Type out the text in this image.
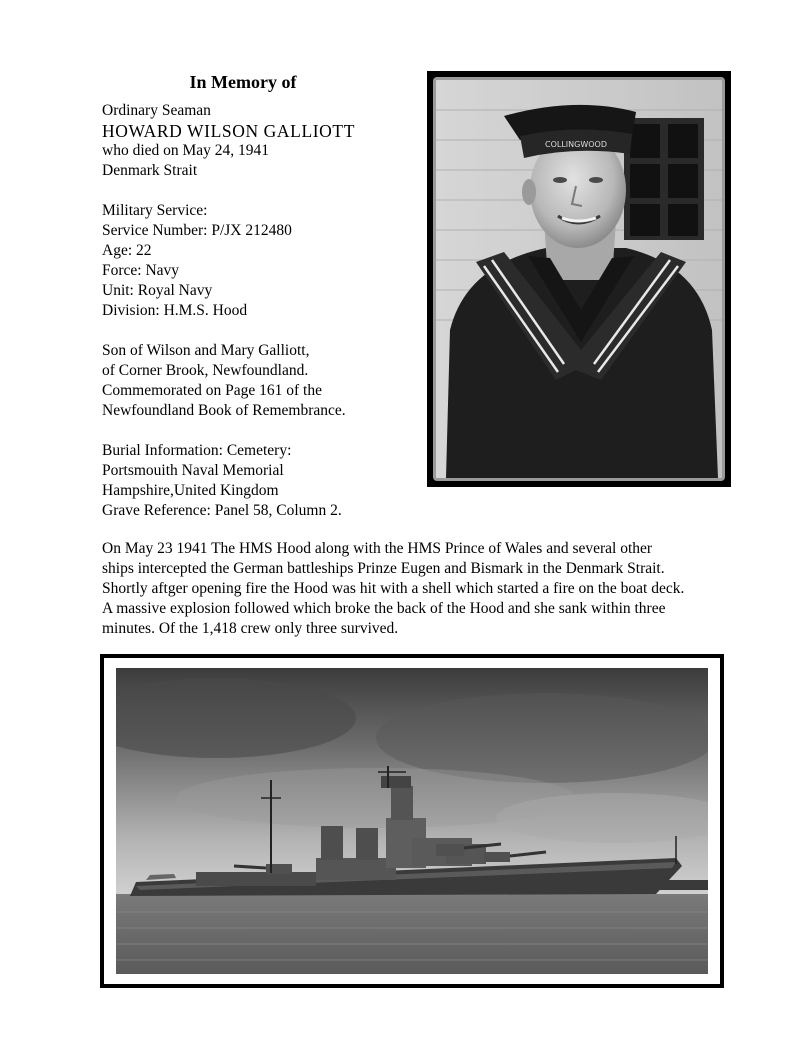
In Memory of
Ordinary Seaman
HOWARD WILSON GALLIOTT
who died on May 24, 1941
Denmark Strait
Military Service:
Service Number: P/JX 212480
Age: 22
Force: Navy
Unit: Royal Navy
Division: H.M.S. Hood
Son of Wilson and Mary Galliott,
of Corner Brook, Newfoundland.
Commemorated on Page 161 of the
Newfoundland Book of Remembrance.
Burial Information: Cemetery:
Portsmouith Naval Memorial
Hampshire,United Kingdom
Grave Reference: Panel 58, Column 2.
COLLINGWOOD
On May 23 1941 The HMS Hood along with the HMS Prince of Wales and several other
ships intercepted the German battleships Prinze Eugen and Bismark in the Denmark Strait.
Shortly aftger opening fire the Hood was hit with a shell which started a fire on the boat deck.
A massive explosion followed which broke the back of the Hood and she sank within three
minutes. Of the 1,418 crew only three survived.
